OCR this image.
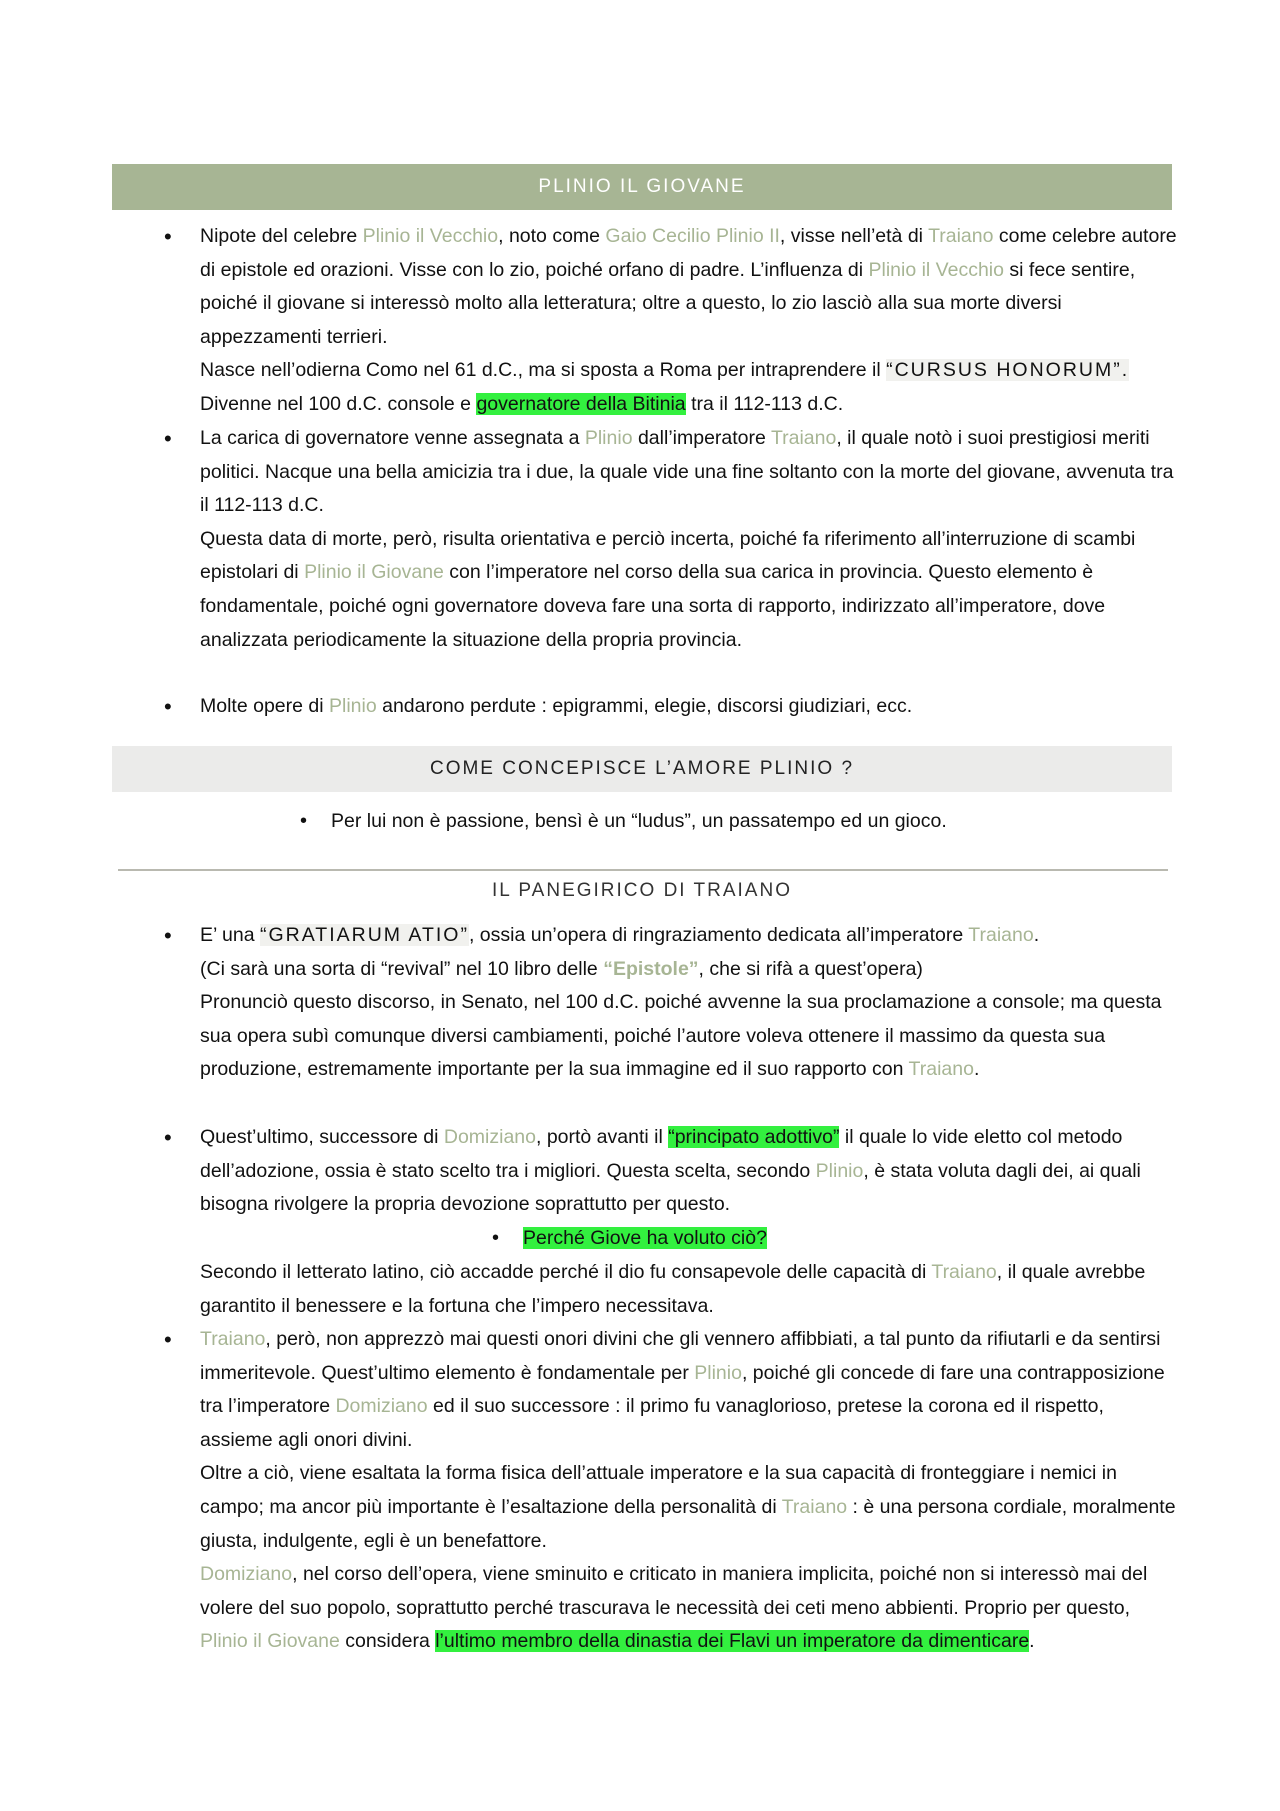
PLINIO IL GIOVANE
• Nipote del celebre Plinio il Vecchio, noto come Gaio Cecilio Plinio II, visse nell’età di Traiano come celebre autore di epistole ed orazioni. Visse con lo zio, poiché orfano di padre. L’influenza di Plinio il Vecchio si fece sentire, poiché il giovane si interessò molto alla letteratura; oltre a questo, lo zio lasciò alla sua morte diversi appezzamenti terrieri.
Nasce nell’odierna Como nel 61 d.C., ma si sposta a Roma per intraprendere il “CURSUS HONORUM”. Divenne nel 100 d.C. console e governatore della Bitinia tra il 112-113 d.C.
• La carica di governatore venne assegnata a Plinio dall’imperatore Traiano, il quale notò i suoi prestigiosi meriti politici. Nacque una bella amicizia tra i due, la quale vide una fine soltanto con la morte del giovane, avvenuta tra il 112-113 d.C.
Questa data di morte, però, risulta orientativa e perciò incerta, poiché fa riferimento all’interruzione di scambi epistolari di Plinio il Giovane con l’imperatore nel corso della sua carica in provincia. Questo elemento è fondamentale, poiché ogni governatore doveva fare una sorta di rapporto, indirizzato all’imperatore, dove analizzata periodicamente la situazione della propria provincia.
• Molte opere di Plinio andarono perdute : epigrammi, elegie, discorsi giudiziari, ecc.
COME CONCEPISCE L’AMORE PLINIO ?
• Per lui non è passione, bensì è un “ludus”, un passatempo ed un gioco.
IL PANEGIRICO DI TRAIANO
• E’ una “GRATIARUM ATIO”, ossia un’opera di ringraziamento dedicata all’imperatore Traiano.
(Ci sarà una sorta di “revival” nel 10 libro delle “Epistole”, che si rifà a quest’opera)
Pronunciò questo discorso, in Senato, nel 100 d.C. poiché avvenne la sua proclamazione a console; ma questa sua opera subì comunque diversi cambiamenti, poiché l’autore voleva ottenere il massimo da questa sua produzione, estremamente importante per la sua immagine ed il suo rapporto con Traiano.
• Quest’ultimo, successore di Domiziano, portò avanti il “principato adottivo” il quale lo vide eletto col metodo dell’adozione, ossia è stato scelto tra i migliori. Questa scelta, secondo Plinio, è stata voluta dagli dei, ai quali bisogna rivolgere la propria devozione soprattutto per questo.
• Perché Giove ha voluto ciò?
Secondo il letterato latino, ciò accadde perché il dio fu consapevole delle capacità di Traiano, il quale avrebbe garantito il benessere e la fortuna che l’impero necessitava.
• Traiano, però, non apprezzò mai questi onori divini che gli vennero affibbiati, a tal punto da rifiutarli e da sentirsi immeritevole. Quest’ultimo elemento è fondamentale per Plinio, poiché gli concede di fare una contrapposizione tra l’imperatore Domiziano ed il suo successore : il primo fu vanaglorioso, pretese la corona ed il rispetto, assieme agli onori divini.
Oltre a ciò, viene esaltata la forma fisica dell’attuale imperatore e la sua capacità di fronteggiare i nemici in campo; ma ancor più importante è l’esaltazione della personalità di Traiano : è una persona cordiale, moralmente giusta, indulgente, egli è un benefattore.
Domiziano, nel corso dell’opera, viene sminuito e criticato in maniera implicita, poiché non si interessò mai del volere del suo popolo, soprattutto perché trascurava le necessità dei ceti meno abbienti. Proprio per questo, Plinio il Giovane considera l’ultimo membro della dinastia dei Flavi un imperatore da dimenticare.
